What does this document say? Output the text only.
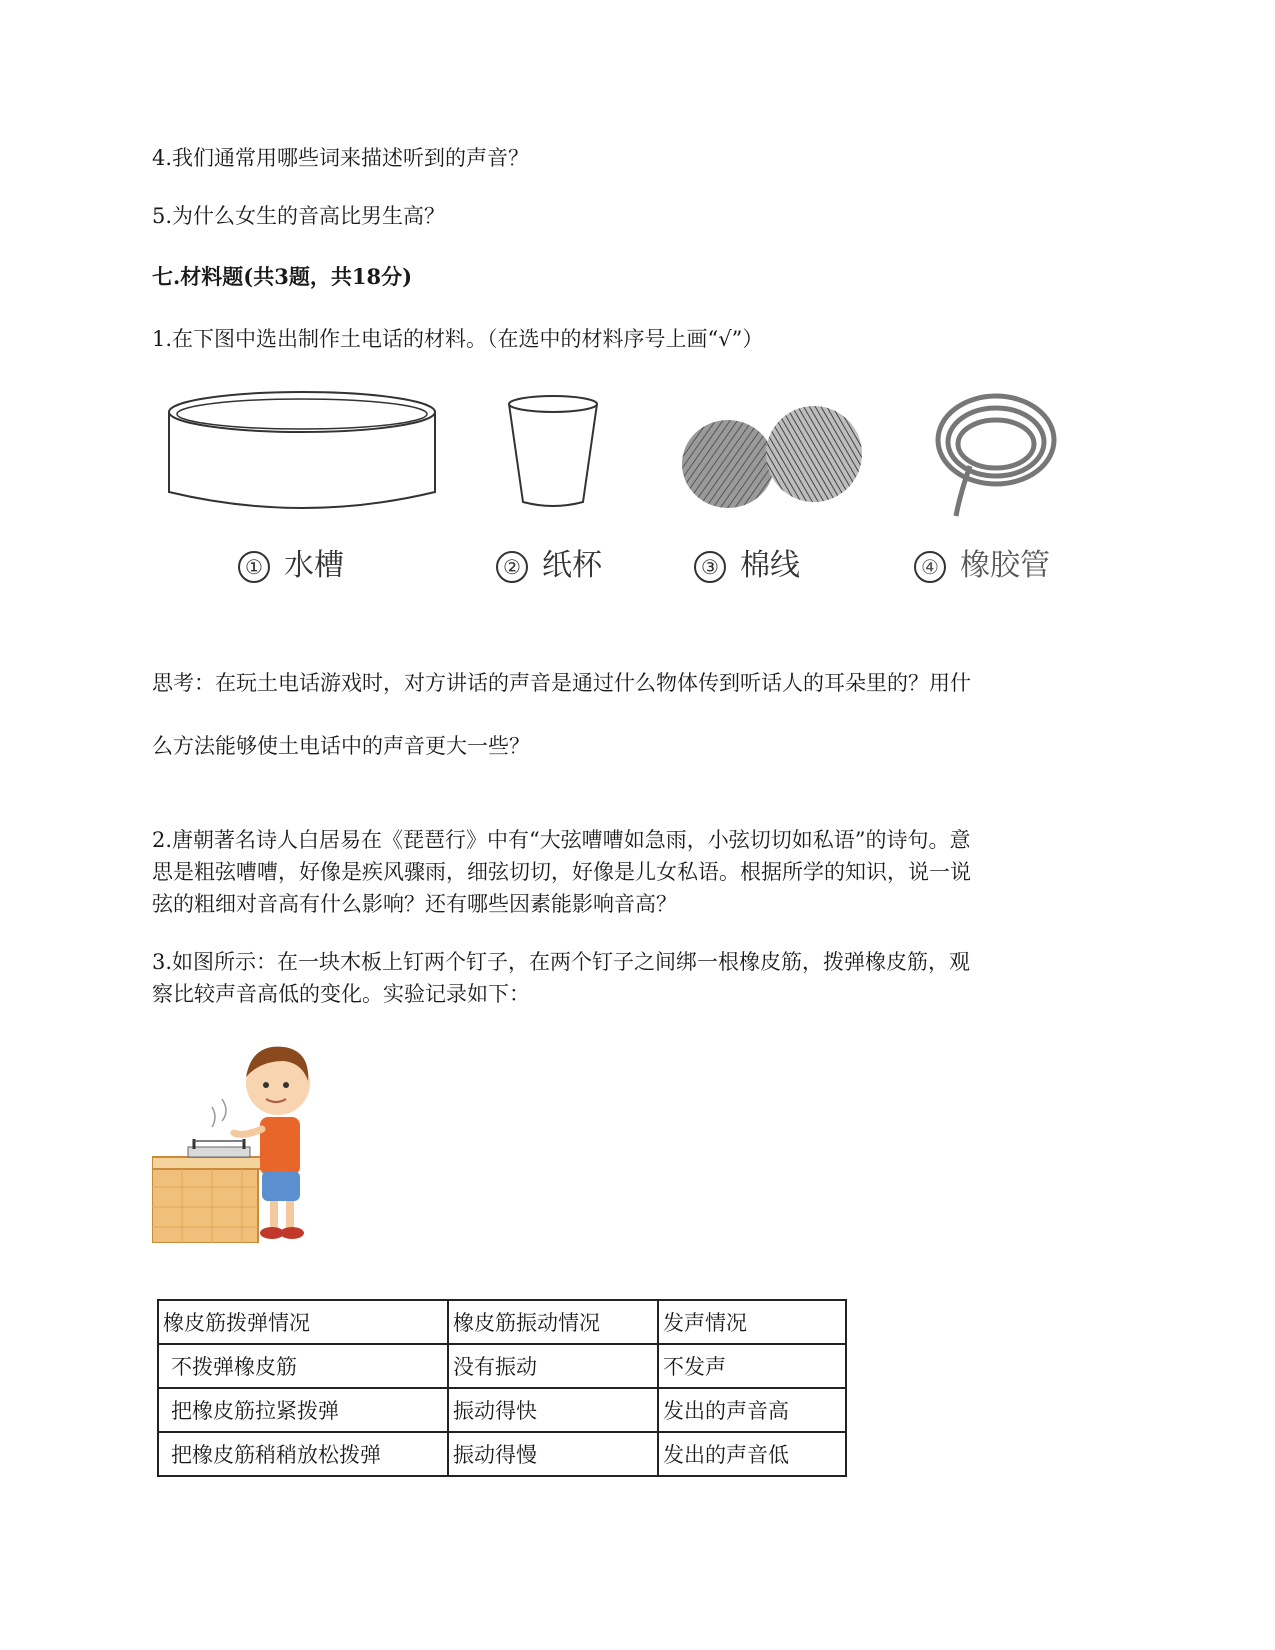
4.我们通常用哪些词来描述听到的声音？

5.为什么女生的音高比男生高？

七.材料题(共3题，共18分)

1.在下图中选出制作土电话的材料。（在选中的材料序号上画“√”）

① 水槽	② 纸杯	③ 棉线	④ 橡胶管

思考：在玩土电话游戏时，对方讲话的声音是通过什么物体传到听话人的耳朵里的？用什

么方法能够使土电话中的声音更大一些？

2.唐朝著名诗人白居易在《琵琶行》中有“大弦嘈嘈如急雨，小弦切切如私语”的诗句。意

思是粗弦嘈嘈，好像是疾风骤雨，细弦切切，好像是儿女私语。根据所学的知识，说一说

弦的粗细对音高有什么影响？还有哪些因素能影响音高？

3.如图所示：在一块木板上钉两个钉子，在两个钉子之间绑一根橡皮筋，拨弹橡皮筋，观

察比较声音高低的变化。实验记录如下：

橡皮筋拨弹情况	橡皮筋振动情况	发声情况
不拨弹橡皮筋	没有振动	不发声
把橡皮筋拉紧拨弹	振动得快	发出的声音高
把橡皮筋稍稍放松拨弹	振动得慢	发出的声音低
